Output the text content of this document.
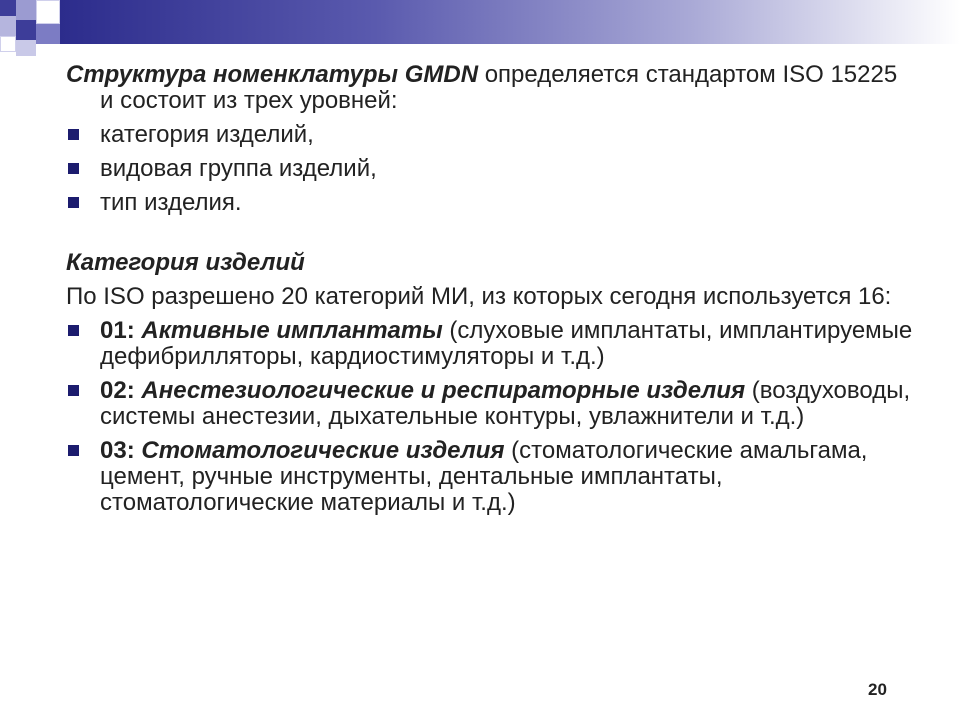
Структура номенклатуры GMDN определяется стандартом ISO 15225 и состоит из трех уровней:

категория изделий,
видовая группа изделий,
тип изделия.

Категория изделий

По ISO разрешено 20 категорий МИ, из которых сегодня используется 16:

01: Активные имплантаты (слуховые имплантаты, имплантируемые дефибрилляторы, кардиостимуляторы и т.д.)
02: Анестезиологические и респираторные изделия (воздуховоды, системы анестезии, дыхательные контуры, увлажнители и т.д.)
03: Стоматологические изделия (стоматологические амальгама, цемент, ручные инструменты, дентальные имплантаты, стоматологические материалы и т.д.)
20
